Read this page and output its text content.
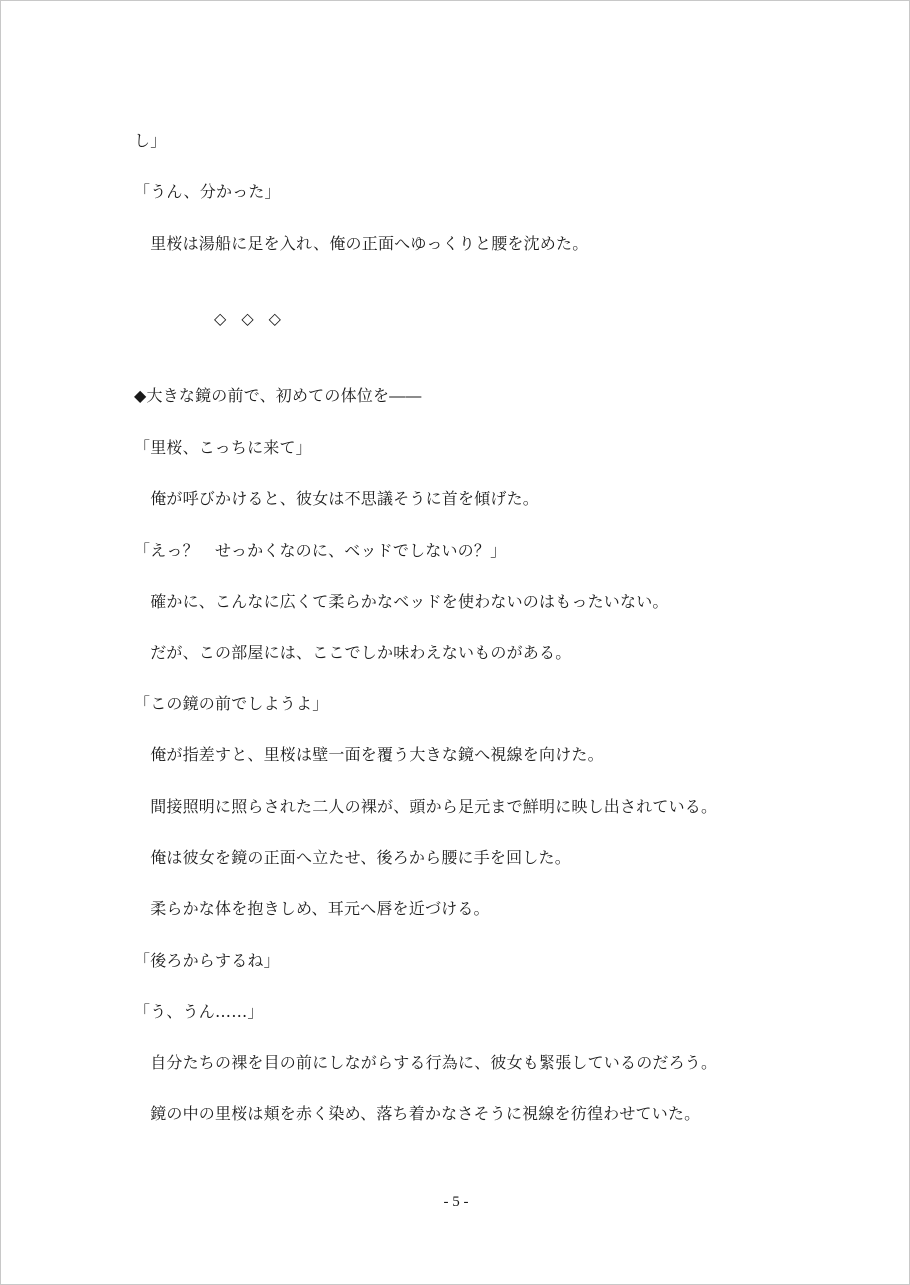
し」
「うん、分かった」
　里桜は湯船に足を入れ、俺の正面へゆっくりと腰を沈めた。
◇ ◇ ◇
◆大きな鏡の前で、初めての体位を――
「里桜、こっちに来て」
　俺が呼びかけると、彼女は不思議そうに首を傾げた。
「えっ？　せっかくなのに、ベッドでしないの？」
　確かに、こんなに広くて柔らかなベッドを使わないのはもったいない。
　だが、この部屋には、ここでしか味わえないものがある。
「この鏡の前でしようよ」
　俺が指差すと、里桜は壁一面を覆う大きな鏡へ視線を向けた。
　間接照明に照らされた二人の裸が、頭から足元まで鮮明に映し出されている。
　俺は彼女を鏡の正面へ立たせ、後ろから腰に手を回した。
　柔らかな体を抱きしめ、耳元へ唇を近づける。
「後ろからするね」
「う、うん……」
　自分たちの裸を目の前にしながらする行為に、彼女も緊張しているのだろう。
　鏡の中の里桜は頬を赤く染め、落ち着かなさそうに視線を彷徨わせていた。
- 5 -
